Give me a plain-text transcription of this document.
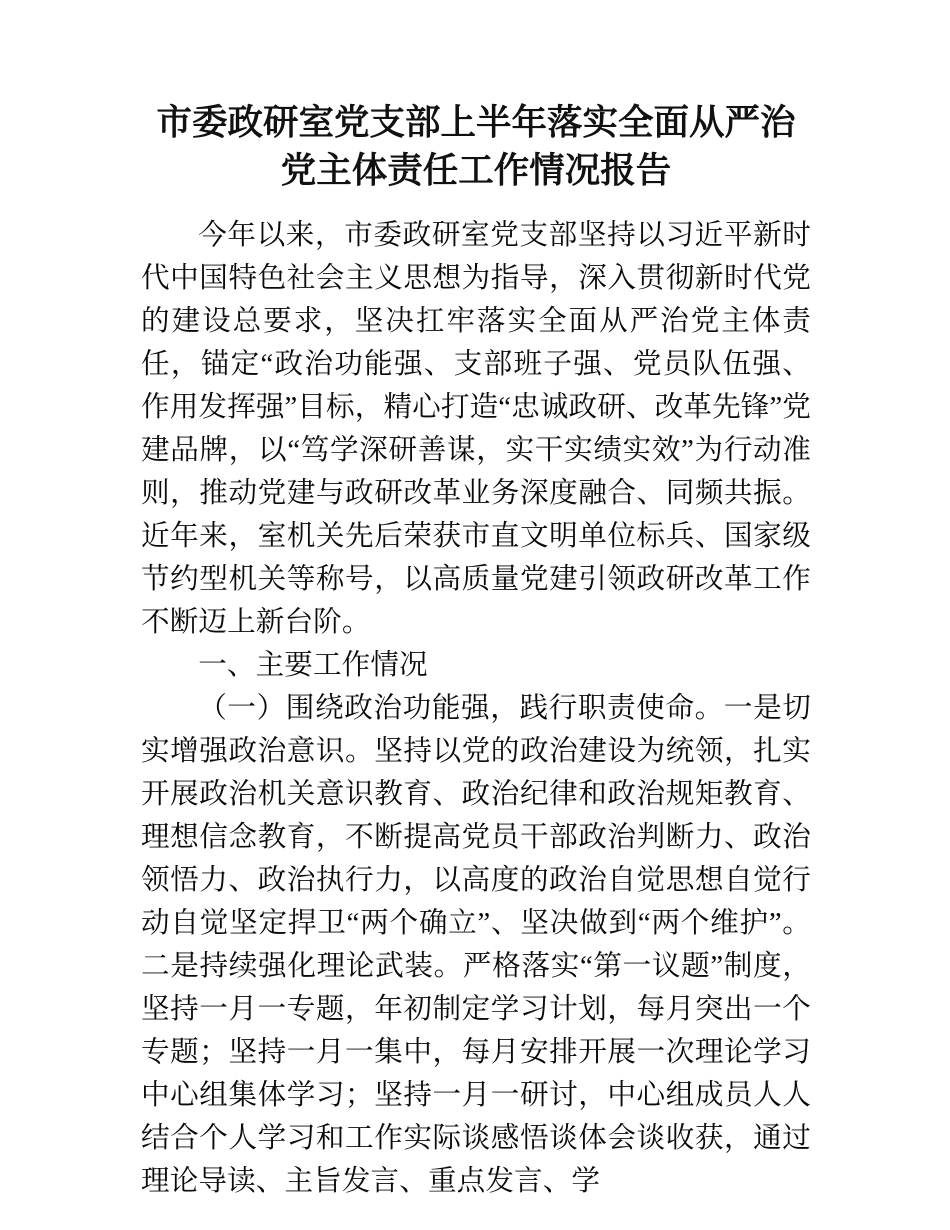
市委政研室党支部上半年落实全面从严治党主体责任工作情况报告

今年以来，市委政研室党支部坚持以习近平新时代中国特色社会主义思想为指导，深入贯彻新时代党的建设总要求，坚决扛牢落实全面从严治党主体责任，锚定“政治功能强、支部班子强、党员队伍强、作用发挥强”目标，精心打造“忠诚政研、改革先锋”党建品牌，以“笃学深研善谋，实干实绩实效”为行动准则，推动党建与政研改革业务深度融合、同频共振。近年来，室机关先后荣获市直文明单位标兵、国家级节约型机关等称号，以高质量党建引领政研改革工作不断迈上新台阶。

一、主要工作情况

（一）围绕政治功能强，践行职责使命。一是切实增强政治意识。坚持以党的政治建设为统领，扎实开展政治机关意识教育、政治纪律和政治规矩教育、理想信念教育，不断提高党员干部政治判断力、政治领悟力、政治执行力，以高度的政治自觉思想自觉行动自觉坚定捍卫“两个确立”、坚决做到“两个维护”。二是持续强化理论武装。严格落实“第一议题”制度，坚持一月一专题，年初制定学习计划，每月突出一个专题；坚持一月一集中，每月安排开展一次理论学习中心组集体学习；坚持一月一研讨，中心组成员人人结合个人学习和工作实际谈感悟谈体会谈收获，通过理论导读、主旨发言、重点发言、学
